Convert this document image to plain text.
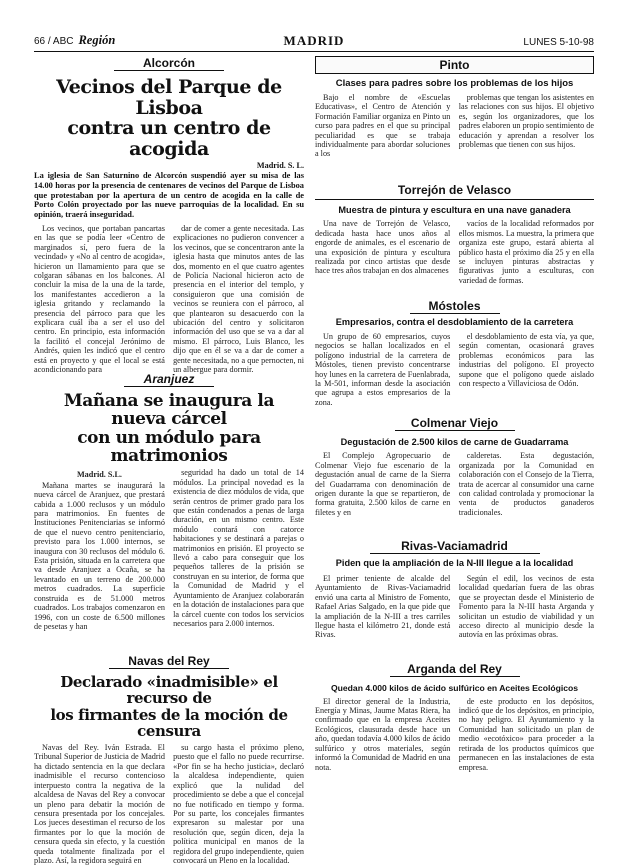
66 / ABC Región	MADRID	LUNES 5-10-98
Alcorcón
Vecinos del Parque de Lisboa
contra un centro de acogida
Madrid. S. L.
La iglesia de San Saturnino de Alcorcón suspendió ayer su misa de las 14.00 horas por la presencia de centenares de vecinos del Parque de Lisboa que protestaban por la apertura de un centro de acogida en la calle de Porto Colón proyectado por las nueve parroquias de la localidad. En su opinión, traerá inseguridad.

Los vecinos, que portaban pancartas en las que se podía leer «Centro de marginados sí, pero fuera de la vecindad» y «No al centro de acogida», hicieron un llamamiento para que se colgaran sábanas en los balcones. Al concluir la misa de la una de la tarde, los manifestantes accedieron a la iglesia gritando y reclamando la presencia del párroco para que les explicara cuál iba a ser el uso del centro. En principio, esta información la facilitó el concejal Jerónimo de Andrés, quien les indicó que el centro está en proyecto y que el local se está acondicionando para

dar de comer a gente necesitada. Las explicaciones no pudieron convencer a los vecinos, que se concentraron ante la iglesia hasta que minutos antes de las dos, momento en el que cuatro agentes de Policía Nacional hicieron acto de presencia en el interior del templo, y consiguieron que una comisión de vecinos se reuniera con el párroco, al que plantearon su desacuerdo con la ubicación del centro y solicitaron información del uso que se va a dar al mismo. El párroco, Luis Blanco, les dijo que en él se va a dar de comer a gente necesitada, no a que pernocten, ni un albergue para dormir.

Aranjuez
Mañana se inaugura la nueva cárcel
con un módulo para matrimonios
Madrid. S.L.

Mañana martes se inaugurará la nueva cárcel de Aranjuez, que prestará cabida a 1.000 reclusos y un módulo para matrimonios. En fuentes de Instituciones Penitenciarias se informó de que el nuevo centro penitenciario, previsto para los 1.000 internos, se inaugura con 30 reclusos del módulo 6. Esta prisión, situada en la carretera que va desde Aranjuez a Ocaña, se ha levantado en un terreno de 200.000 metros cuadrados. La superficie construida es de 51.000 metros cuadrados. Los trabajos comenzaron en 1996, con un coste de 6.500 millones de pesetas y han

seguridad ha dado un total de 14 módulos. La principal novedad es la existencia de diez módulos de vida, que serán centros de primer grado para los que están condenados a penas de larga duración, en un mismo centro. Este módulo contará con catorce habitaciones y se destinará a parejas o matrimonios en prisión. El proyecto se llevó a cabo para conseguir que los pequeños talleres de la prisión se construyan en su interior, de forma que la Comunidad de Madrid y el Ayuntamiento de Aranjuez colaborarán en la dotación de instalaciones para que la cárcel cuente con todos los servicios necesarios para 2.000 internos.

Navas del Rey
Declarado «inadmisible» el recurso de
los firmantes de la moción de censura

Navas del Rey. Iván Estrada. El Tribunal Superior de Justicia de Madrid ha dictado sentencia en la que declara inadmisible el recurso contencioso interpuesto contra la negativa de la alcaldesa de Navas del Rey a convocar un pleno para debatir la moción de censura presentada por los concejales. Los jueces desestiman el recurso de los firmantes por lo que la moción de censura queda sin efecto, y la cuestión queda totalmente finalizada por el plazo. Así, la regidora seguirá en

su cargo hasta el próximo pleno, puesto que el fallo no puede recurrirse. «Por fin se ha hecho justicia», declaró la alcaldesa independiente, quien explicó que la nulidad del procedimiento se debe a que el concejal no fue notificado en tiempo y forma. Por su parte, los concejales firmantes expresaron su malestar por una resolución que, según dicen, deja la política municipal en manos de la regidora del grupo independiente, quien convocará un Pleno en la localidad.

Pinto
Clases para padres sobre los problemas de los hijos

Bajo el nombre de «Escuelas Educativas», el Centro de Atención y Formación Familiar organiza en Pinto un curso para padres en el que su principal peculiaridad es que se trabaja individualmente para abordar soluciones a los

problemas que tengan los asistentes en las relaciones con sus hijos. El objetivo es, según los organizadores, que los padres elaboren un propio sentimiento de educación y aprendan a resolver los problemas que tienen con sus hijos.

Torrejón de Velasco
Muestra de pintura y escultura en una nave ganadera

Una nave de Torrejón de Velasco, dedicada hasta hace unos años al engorde de animales, es el escenario de una exposición de pintura y escultura realizada por cinco artistas que desde hace tres años trabajan en dos almacenes

vacíos de la localidad reformados por ellos mismos. La muestra, la primera que organiza este grupo, estará abierta al público hasta el próximo día 25 y en ella se incluyen pinturas abstractas y figurativas junto a esculturas, con variedad de formas.

Móstoles
Empresarios, contra el desdoblamiento de la carretera

Un grupo de 60 empresarios, cuyos negocios se hallan localizados en el polígono industrial de la carretera de Móstoles, tienen previsto concentrarse hoy lunes en la carretera de Fuenlabrada, la M-501, informan desde la asociación que agrupa a estos empresarios de la zona.

el desdoblamiento de esta vía, ya que, según comentan, ocasionará graves problemas económicos para las industrias del polígono. El proyecto supone que el polígono quede aislado con respecto a Villaviciosa de Odón.

Colmenar Viejo
Degustación de 2.500 kilos de carne de Guadarrama

El Complejo Agropecuario de Colmenar Viejo fue escenario de la degustación anual de carne de la Sierra del Guadarrama con denominación de origen durante la que se repartieron, de forma gratuita, 2.500 kilos de carne en filetes y en

calderetas. Esta degustación, organizada por la Comunidad en colaboración con el Consejo de la Tierra, trata de acercar al consumidor una carne con calidad controlada y promocionar la venta de productos ganaderos tradicionales.

Rivas-Vaciamadrid
Piden que la ampliación de la N-III llegue a la localidad

El primer teniente de alcalde del Ayuntamiento de Rivas-Vaciamadrid envió una carta al Ministro de Fomento, Rafael Arias Salgado, en la que pide que la ampliación de la N-III a tres carriles llegue hasta el kilómetro 21, donde está Rivas.

Según el edil, los vecinos de esta localidad quedarían fuera de las obras que se proyectan desde el Ministerio de Fomento para la N-III hasta Arganda y solicitan un estudio de viabilidad y un acceso directo al municipio desde la autovía en las próximas obras.

Arganda del Rey
Quedan 4.000 kilos de ácido sulfúrico en Aceites Ecológicos

El director general de la Industria, Energía y Minas, Jaume Matas Riera, ha confirmado que en la empresa Aceites Ecológicos, clausurada desde hace un año, quedan todavía 4.000 kilos de ácido sulfúrico y otros materiales, según informó la Comunidad de Madrid en una nota.

de este producto en los depósitos, indicó que de los depósitos, en principio, no hay peligro. El Ayuntamiento y la Comunidad han solicitado un plan de medio «ecotóxico» para proceder a la retirada de los productos químicos que permanecen en las instalaciones de esta empresa.
